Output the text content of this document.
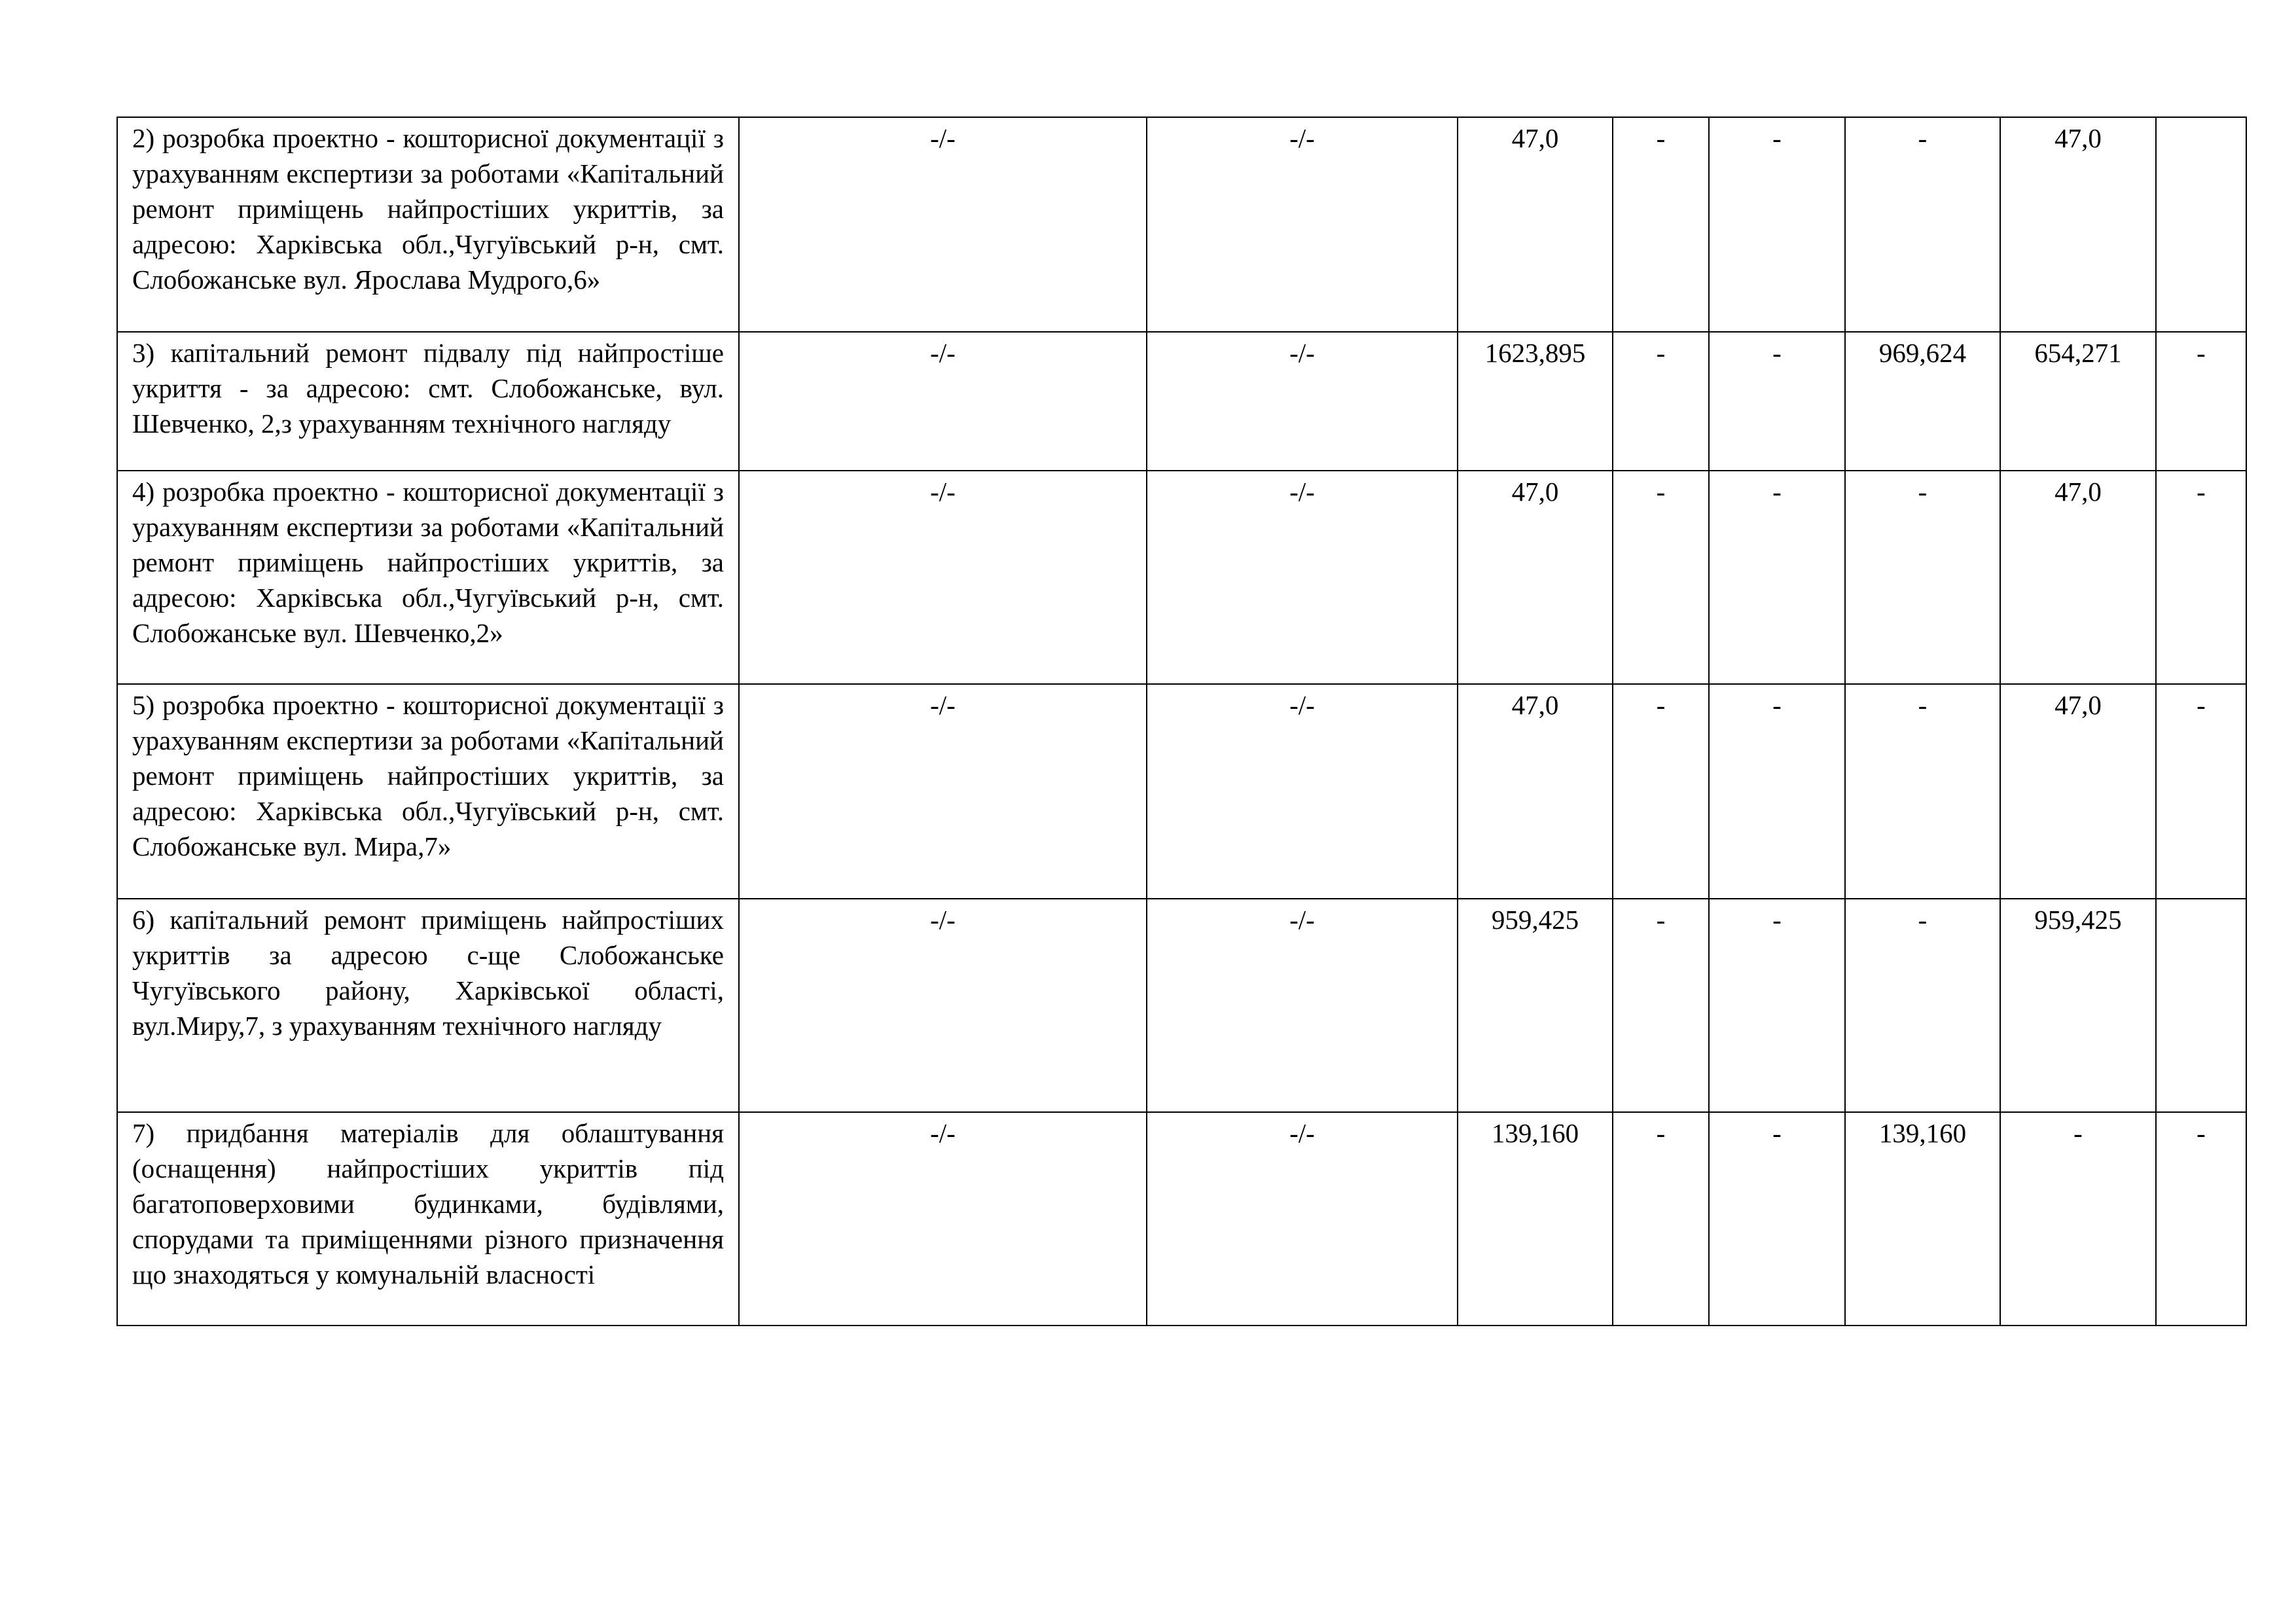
2) розробка проектно - кошторисної документації з урахуванням експертизи за роботами «Капітальний ремонт приміщень найпростіших укриттів, за адресою: Харківська обл.,Чугуївський р-н, смт. Слобожанське вул. Ярослава Мудрого,6»	-/-	-/-	47,0	-	-	-	47,0	
3) капітальний ремонт підвалу під найпростіше укриття - за адресою: смт. Слобожанське, вул. Шевченко, 2,з урахуванням технічного нагляду	-/-	-/-	1623,895	-	-	969,624	654,271	-
4) розробка проектно - кошторисної документації з урахуванням експертизи за роботами «Капітальний ремонт приміщень найпростіших укриттів, за адресою: Харківська обл.,Чугуївський р-н, смт. Слобожанське вул. Шевченко,2»	-/-	-/-	47,0	-	-	-	47,0	-
5) розробка проектно - кошторисної документації з урахуванням експертизи за роботами «Капітальний ремонт приміщень найпростіших укриттів, за адресою: Харківська обл.,Чугуївський р-н, смт. Слобожанське вул. Мира,7»	-/-	-/-	47,0	-	-	-	47,0	-
6) капітальний ремонт приміщень найпростіших укриттів за адресою с-ще Слобожанське Чугуївського району, Харківської області, вул.Миру,7, з урахуванням технічного нагляду	-/-	-/-	959,425	-	-	-	959,425	
7) придбання матеріалів для облаштування (оснащення) найпростіших укриттів під багатоповерховими будинками, будівлями, спорудами та приміщеннями різного призначення що знаходяться у комунальній власності	-/-	-/-	139,160	-	-	139,160	-	-
